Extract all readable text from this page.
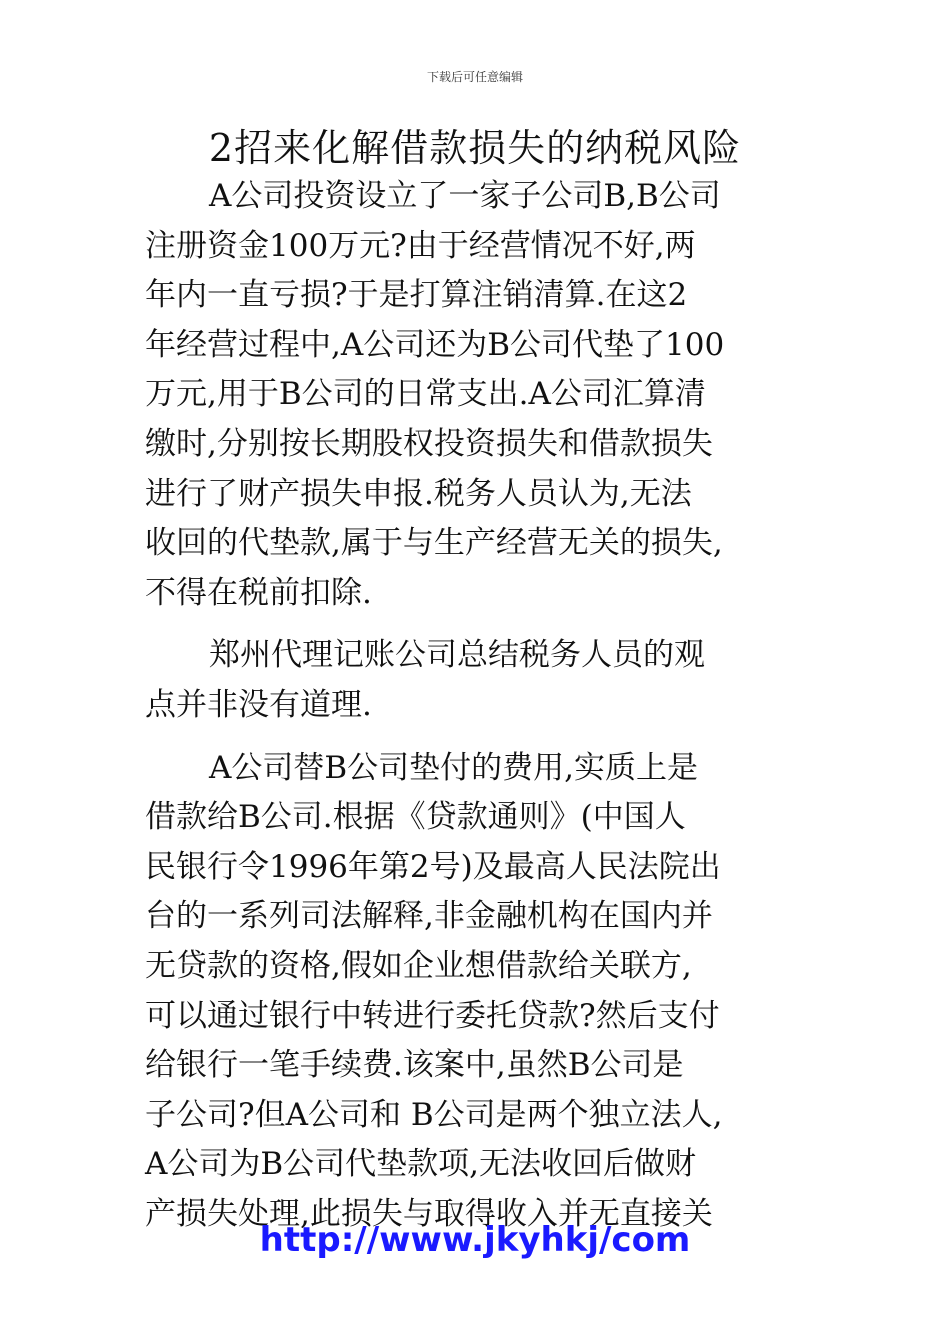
下载后可任意编辑
2招来化解借款损失的纳税风险
A公司投资设立了一家子公司B,B公司
注册资金100万元?由于经营情况不好,两
年内一直亏损?于是打算注销清算.在这2
年经营过程中,A公司还为B公司代垫了100
万元,用于B公司的日常支出.A公司汇算清
缴时,分别按长期股权投资损失和借款损失
进行了财产损失申报.税务人员认为,无法
收回的代垫款,属于与生产经营无关的损失,
不得在税前扣除.
郑州代理记账公司总结税务人员的观
点并非没有道理.
A公司替B公司垫付的费用,实质上是
借款给B公司.根据《贷款通则》(中国人
民银行令1996年第2号)及最高人民法院出
台的一系列司法解释,非金融机构在国内并
无贷款的资格,假如企业想借款给关联方,
可以通过银行中转进行委托贷款?然后支付
给银行一笔手续费.该案中,虽然B公司是
子公司?但A公司和 B公司是两个独立法人,
A公司为B公司代垫款项,无法收回后做财
产损失处理,此损失与取得收入并无直接关
http://www.jkyhkj/com
